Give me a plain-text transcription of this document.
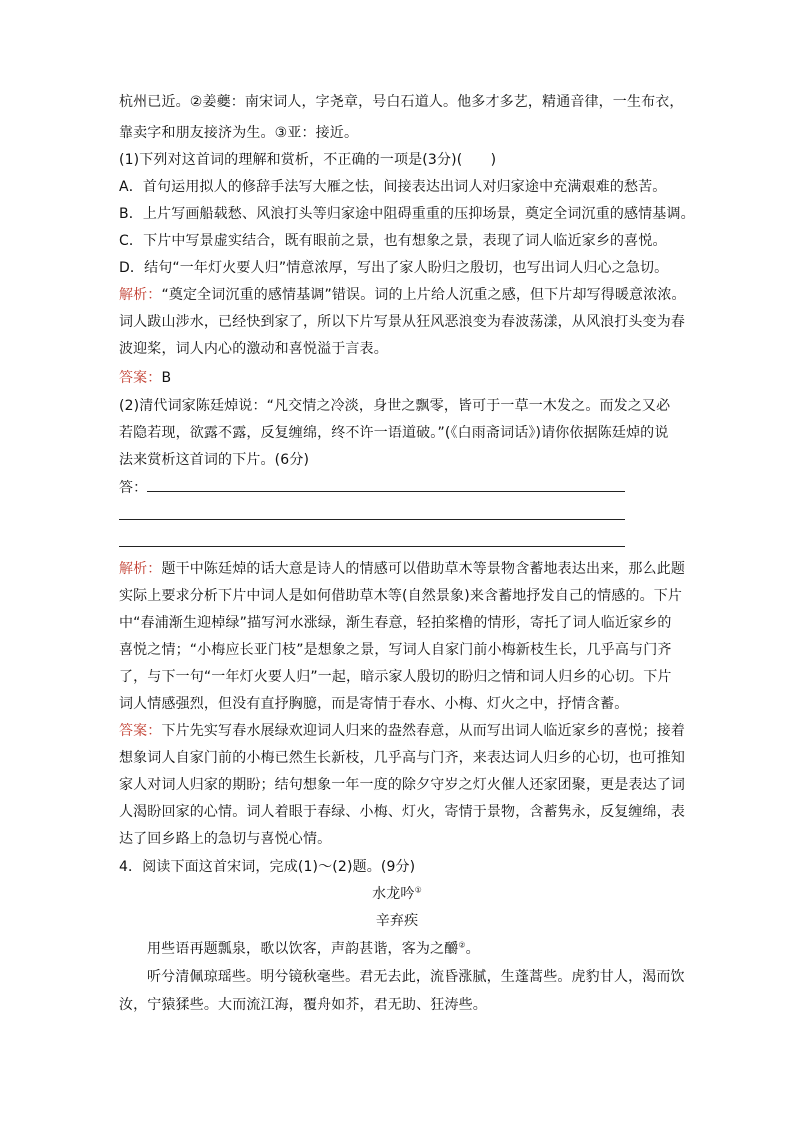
杭州已近。②姜夔：南宋词人，字尧章，号白石道人。他多才多艺，精通音律，一生布衣，
靠卖字和朋友接济为生。③亚：接近。
(1)下列对这首词的理解和赏析，不正确的一项是(3分)(　　)
A．首句运用拟人的修辞手法写大雁之怯，间接表达出词人对归家途中充满艰难的愁苦。
B．上片写画船载愁、风浪打头等归家途中阻碍重重的压抑场景，奠定全词沉重的感情基调。
C．下片中写景虚实结合，既有眼前之景，也有想象之景，表现了词人临近家乡的喜悦。
D．结句“一年灯火要人归”情意浓厚，写出了家人盼归之殷切，也写出词人归心之急切。
解析：“奠定全词沉重的感情基调”错误。词的上片给人沉重之感，但下片却写得暖意浓浓。
词人跋山涉水，已经快到家了，所以下片写景从狂风恶浪变为春波荡漾，从风浪打头变为春
波迎桨，词人内心的激动和喜悦溢于言表。
答案：B
(2)清代词家陈廷焯说：“凡交情之冷淡，身世之飘零，皆可于一草一木发之。而发之又必
若隐若现，欲露不露，反复缠绵，终不许一语道破。”(《白雨斋词话》)请你依据陈廷焯的说
法来赏析这首词的下片。(6分)
答：
解析：题干中陈廷焯的话大意是诗人的情感可以借助草木等景物含蓄地表达出来，那么此题
实际上要求分析下片中词人是如何借助草木等(自然景象)来含蓄地抒发自己的情感的。下片
中“春浦渐生迎棹绿”描写河水涨绿，渐生春意，轻拍桨橹的情形，寄托了词人临近家乡的
喜悦之情；“小梅应长亚门枝”是想象之景，写词人自家门前小梅新枝生长，几乎高与门齐
了，与下一句“一年灯火要人归”一起，暗示家人殷切的盼归之情和词人归乡的心切。下片
词人情感强烈，但没有直抒胸臆，而是寄情于春水、小梅、灯火之中，抒情含蓄。
答案：下片先实写春水展绿欢迎词人归来的盎然春意，从而写出词人临近家乡的喜悦；接着
想象词人自家门前的小梅已然生长新枝，几乎高与门齐，来表达词人归乡的心切，也可推知
家人对词人归家的期盼；结句想象一年一度的除夕守岁之灯火催人还家团聚，更是表达了词
人渴盼回家的心情。词人着眼于春绿、小梅、灯火，寄情于景物，含蓄隽永，反复缠绵，表
达了回乡路上的急切与喜悦心情。
4．阅读下面这首宋词，完成(1)～(2)题。(9分)
水龙吟①
辛弃疾
用些语再题瓢泉，歌以饮客，声韵甚谐，客为之釂②。
听兮清佩琼瑶些。明兮镜秋毫些。君无去此，流昏涨腻，生蓬蒿些。虎豹甘人，渴而饮
汝，宁猿猱些。大而流江海，覆舟如芥，君无助、狂涛些。
